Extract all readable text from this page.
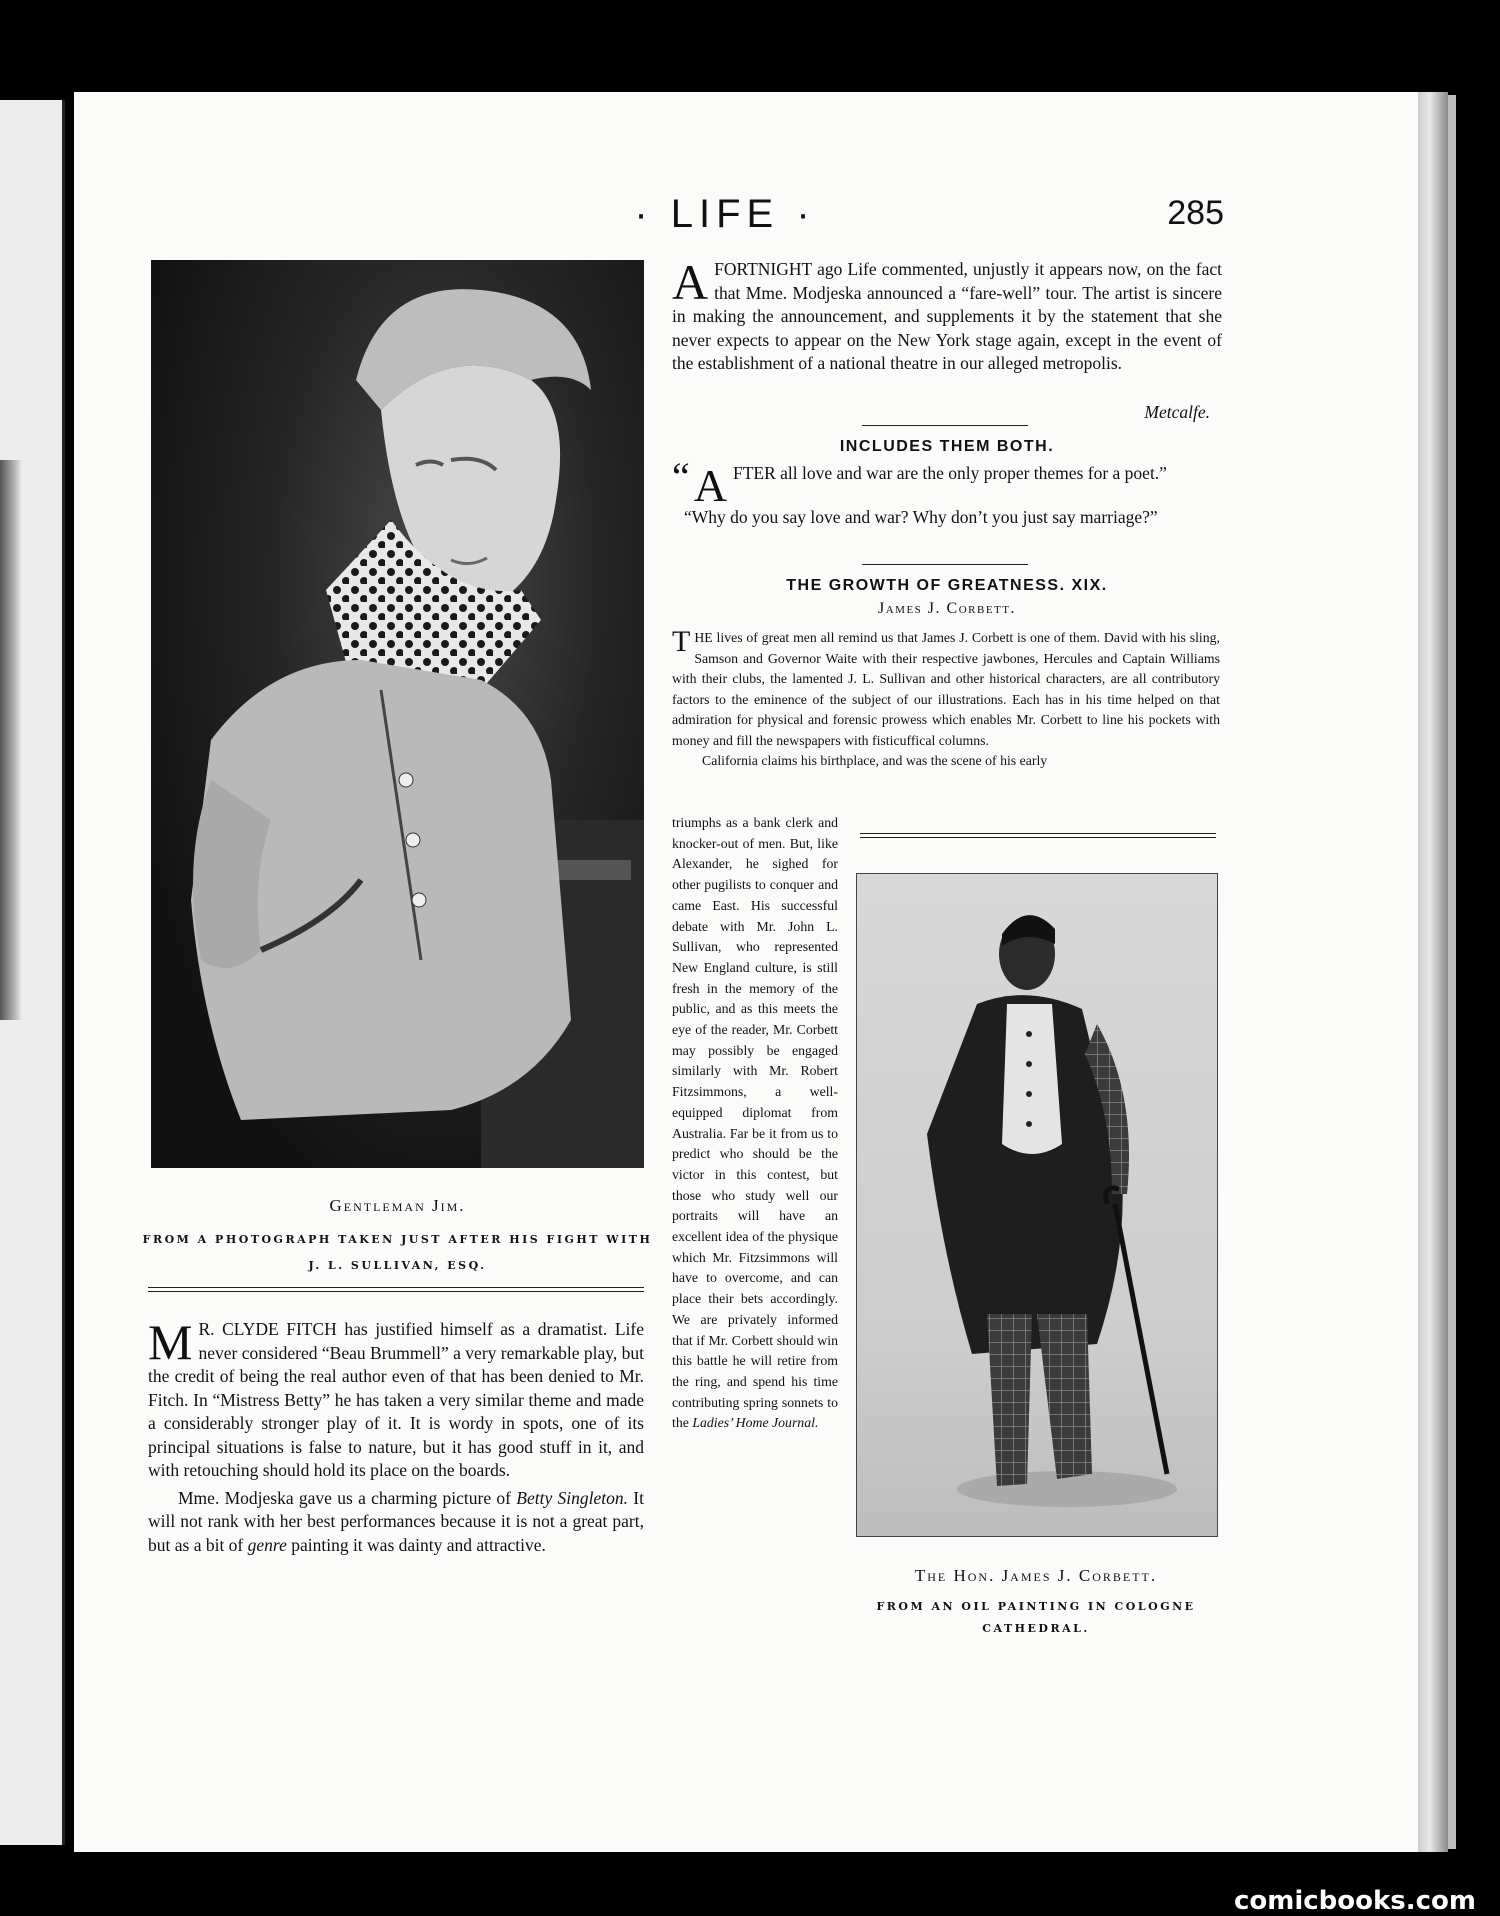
· LIFE ·	285
Gentleman Jim.
FROM A PHOTOGRAPH TAKEN JUST AFTER HIS FIGHT WITH
J. L. SULLIVAN, ESQ.

M R. CLYDE FITCH has justified himself as a dramatist. Life never considered “Beau Brummell” a very remarkable play, but the credit of being the real author even of that has been denied to Mr. Fitch. In “Mistress Betty” he has taken a very similar theme and made a considerably stronger play of it. It is wordy in spots, one of its principal situations is false to nature, but it has good stuff in it, and with retouching should hold its place on the boards.

Mme. Modjeska gave us a charming picture of Betty Singleton. It will not rank with her best performances because it is not a great part, but as a bit of genre painting it was dainty and attractive.

A FORTNIGHT ago Life commented, unjustly it appears now, on the fact that Mme. Modjeska announced a “fare-well” tour. The artist is sincere in making the announcement, and supplements it by the statement that she never expects to appear on the New York stage again, except in the event of the establishment of a national theatre in our alleged metropolis.

Metcalfe.
INCLUDES THEM BOTH.

“ A FTER all love and war are the only proper themes for a poet.”

“Why do you say love and war? Why don’t you just say marriage?”

THE GROWTH OF GREATNESS. XIX.
James J. Corbett.

THE lives of great men all remind us that James J. Corbett is one of them. David with his sling, Samson and Governor Waite with their respective jawbones, Hercules and Captain Williams with their clubs, the lamented J. L. Sullivan and other historical characters, are all contributory factors to the eminence of the subject of our illustrations. Each has in his time helped on that admiration for physical and forensic prowess which enables Mr. Corbett to line his pockets with money and fill the newspapers with fisticuffical columns.

California claims his birthplace, and was the scene of his early

triumphs as a bank clerk and knocker-out of men. But, like Alexander, he sighed for other pugilists to conquer and came East. His successful debate with Mr. John L. Sullivan, who represented New England culture, is still fresh in the memory of the public, and as this meets the eye of the reader, Mr. Corbett may possibly be engaged similarly with Mr. Robert Fitzsimmons, a well-equipped diplomat from Australia. Far be it from us to predict who should be the victor in this contest, but those who study well our portraits will have an excellent idea of the physique which Mr. Fitzsimmons will have to overcome, and can place their bets accordingly. We are privately informed that if Mr. Corbett should win this battle he will retire from the ring, and spend his time contributing spring sonnets to the Ladies’ Home Journal.

The Hon. James J. Corbett.
FROM AN OIL PAINTING IN COLOGNE
CATHEDRAL.
comicbooks.com
